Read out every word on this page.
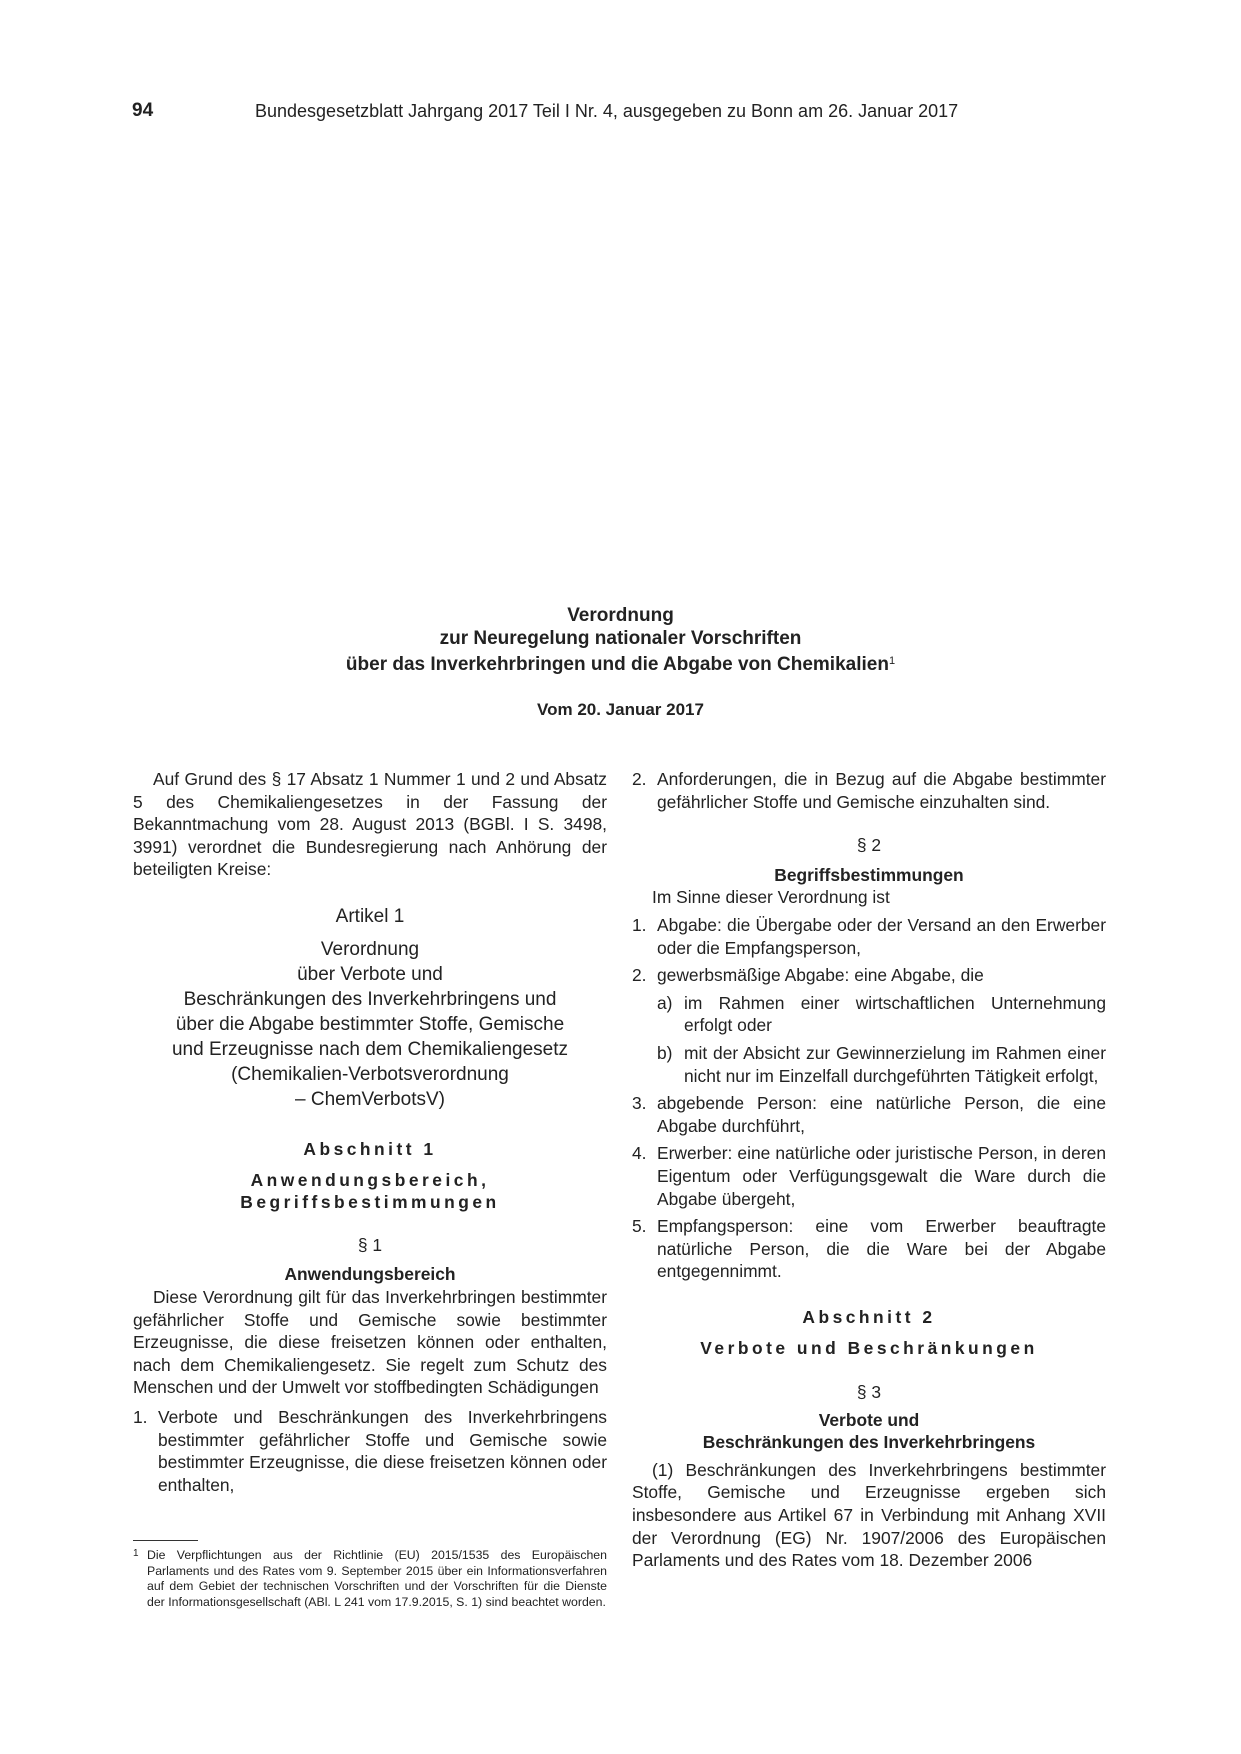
94	Bundesgesetzblatt Jahrgang 2017 Teil I Nr. 4, ausgegeben zu Bonn am 26. Januar 2017
Verordnung
zur Neuregelung nationaler Vorschriften
über das Inverkehrbringen und die Abgabe von Chemikalien$^1$
Vom 20. Januar 2017

Auf Grund des § 17 Absatz 1 Nummer 1 und 2 und Absatz 5 des Chemikaliengesetzes in der Fassung der Bekanntmachung vom 28. August 2013 (BGBl. I S. 3498, 3991) verordnet die Bundesregierung nach Anhörung der beteiligten Kreise:

Artikel 1
Verordnung
über Verbote und
Beschränkungen des Inverkehrbringens und
über die Abgabe bestimmter Stoffe, Gemische
und Erzeugnisse nach dem Chemikaliengesetz
(Chemikalien-Verbotsverordnung
– ChemVerbotsV)
Abschnitt 1
Anwendungsbereich,
Begriffsbestimmungen
§ 1
Anwendungsbereich

Diese Verordnung gilt für das Inverkehrbringen bestimmter gefährlicher Stoffe und Gemische sowie bestimmter Erzeugnisse, die diese freisetzen können oder enthalten, nach dem Chemikaliengesetz. Sie regelt zum Schutz des Menschen und der Umwelt vor stoffbedingten Schädigungen

1. Verbote und Beschränkungen des Inverkehrbringens bestimmter gefährlicher Stoffe und Gemische sowie bestimmter Erzeugnisse, die diese freisetzen können oder enthalten,
2. Anforderungen, die in Bezug auf die Abgabe bestimmter gefährlicher Stoffe und Gemische einzuhalten sind.
§ 2
Begriffsbestimmungen

Im Sinne dieser Verordnung ist

1. Abgabe: die Übergabe oder der Versand an den Erwerber oder die Empfangsperson,
2. gewerbsmäßige Abgabe: eine Abgabe, die
a) im Rahmen einer wirtschaftlichen Unternehmung erfolgt oder
b) mit der Absicht zur Gewinnerzielung im Rahmen einer nicht nur im Einzelfall durchgeführten Tätigkeit erfolgt,
3. abgebende Person: eine natürliche Person, die eine Abgabe durchführt,
4. Erwerber: eine natürliche oder juristische Person, in deren Eigentum oder Verfügungsgewalt die Ware durch die Abgabe übergeht,
5. Empfangsperson: eine vom Erwerber beauftragte natürliche Person, die die Ware bei der Abgabe entgegennimmt.
Abschnitt 2
Verbote und Beschränkungen
§ 3
Verbote und
Beschränkungen des Inverkehrbringens

(1) Beschränkungen des Inverkehrbringens bestimmter Stoffe, Gemische und Erzeugnisse ergeben sich insbesondere aus Artikel 67 in Verbindung mit Anhang XVII der Verordnung (EG) Nr. 1907/2006 des Europäischen Parlaments und des Rates vom 18. Dezember 2006

1 Die Verpflichtungen aus der Richtlinie (EU) 2015/1535 des Europäischen Parlaments und des Rates vom 9. September 2015 über ein Informationsverfahren auf dem Gebiet der technischen Vorschriften und der Vorschriften für die Dienste der Informationsgesellschaft (ABl. L 241 vom 17.9.2015, S. 1) sind beachtet worden.
